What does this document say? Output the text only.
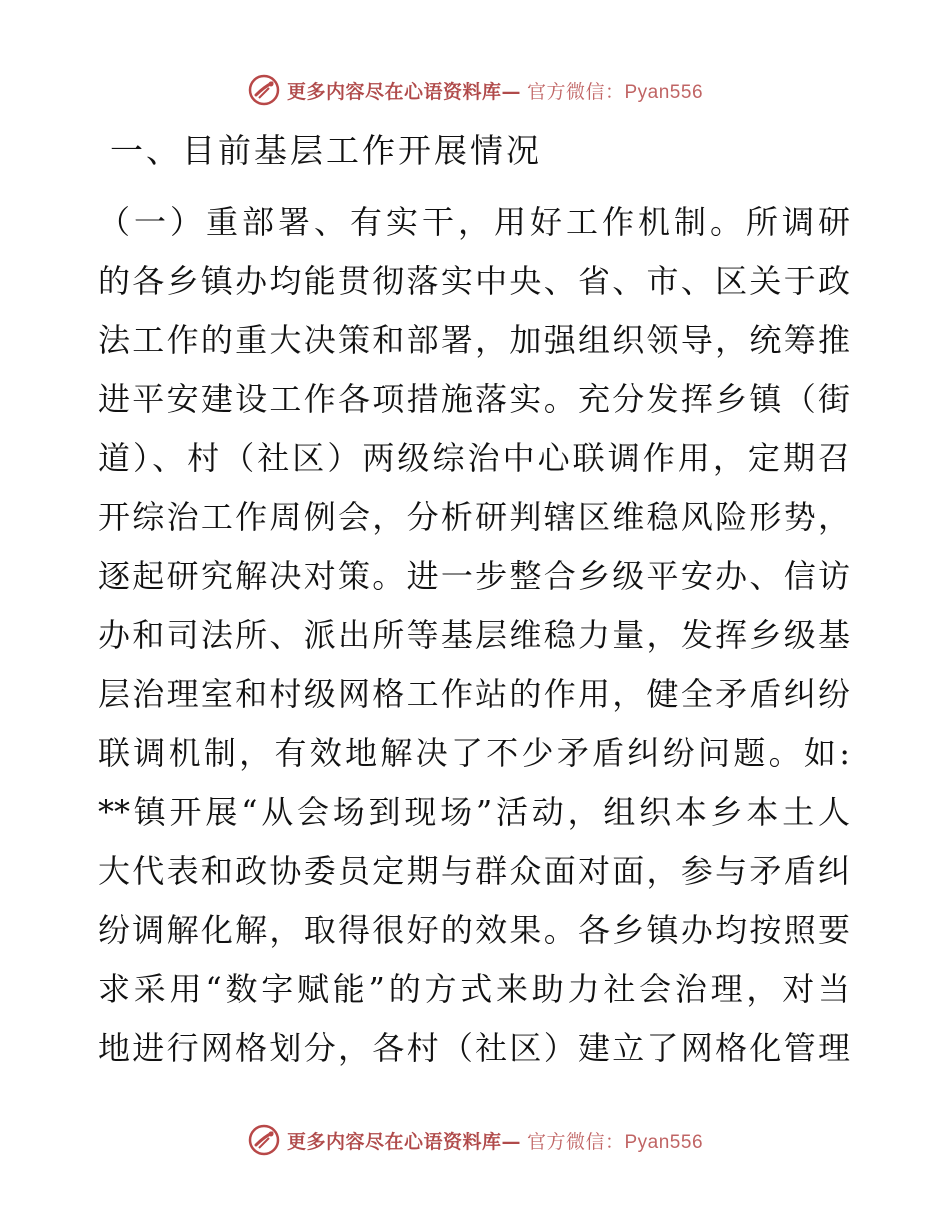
更多内容尽在心语资料库— 官方微信：Pyan556
一、目前基层工作开展情况
（一）重部署、有实干，用好工作机制。所调研
的各乡镇办均能贯彻落实中央、省、市、区关于政
法工作的重大决策和部署，加强组织领导，统筹推
进平安建设工作各项措施落实。充分发挥乡镇（街
道）、村（社区）两级综治中心联调作用，定期召
开综治工作周例会，分析研判辖区维稳风险形势，
逐起研究解决对策。进一步整合乡级平安办、信访
办和司法所、派出所等基层维稳力量，发挥乡级基
层治理室和村级网格工作站的作用，健全矛盾纠纷
联调机制，有效地解决了不少矛盾纠纷问题。如:
**镇开展“从会场到现场”活动，组织本乡本土人
大代表和政协委员定期与群众面对面，参与矛盾纠
纷调解化解，取得很好的效果。各乡镇办均按照要
求采用“数字赋能”的方式来助力社会治理，对当
地进行网格划分，各村（社区）建立了网格化管理
更多内容尽在心语资料库— 官方微信：Pyan556
